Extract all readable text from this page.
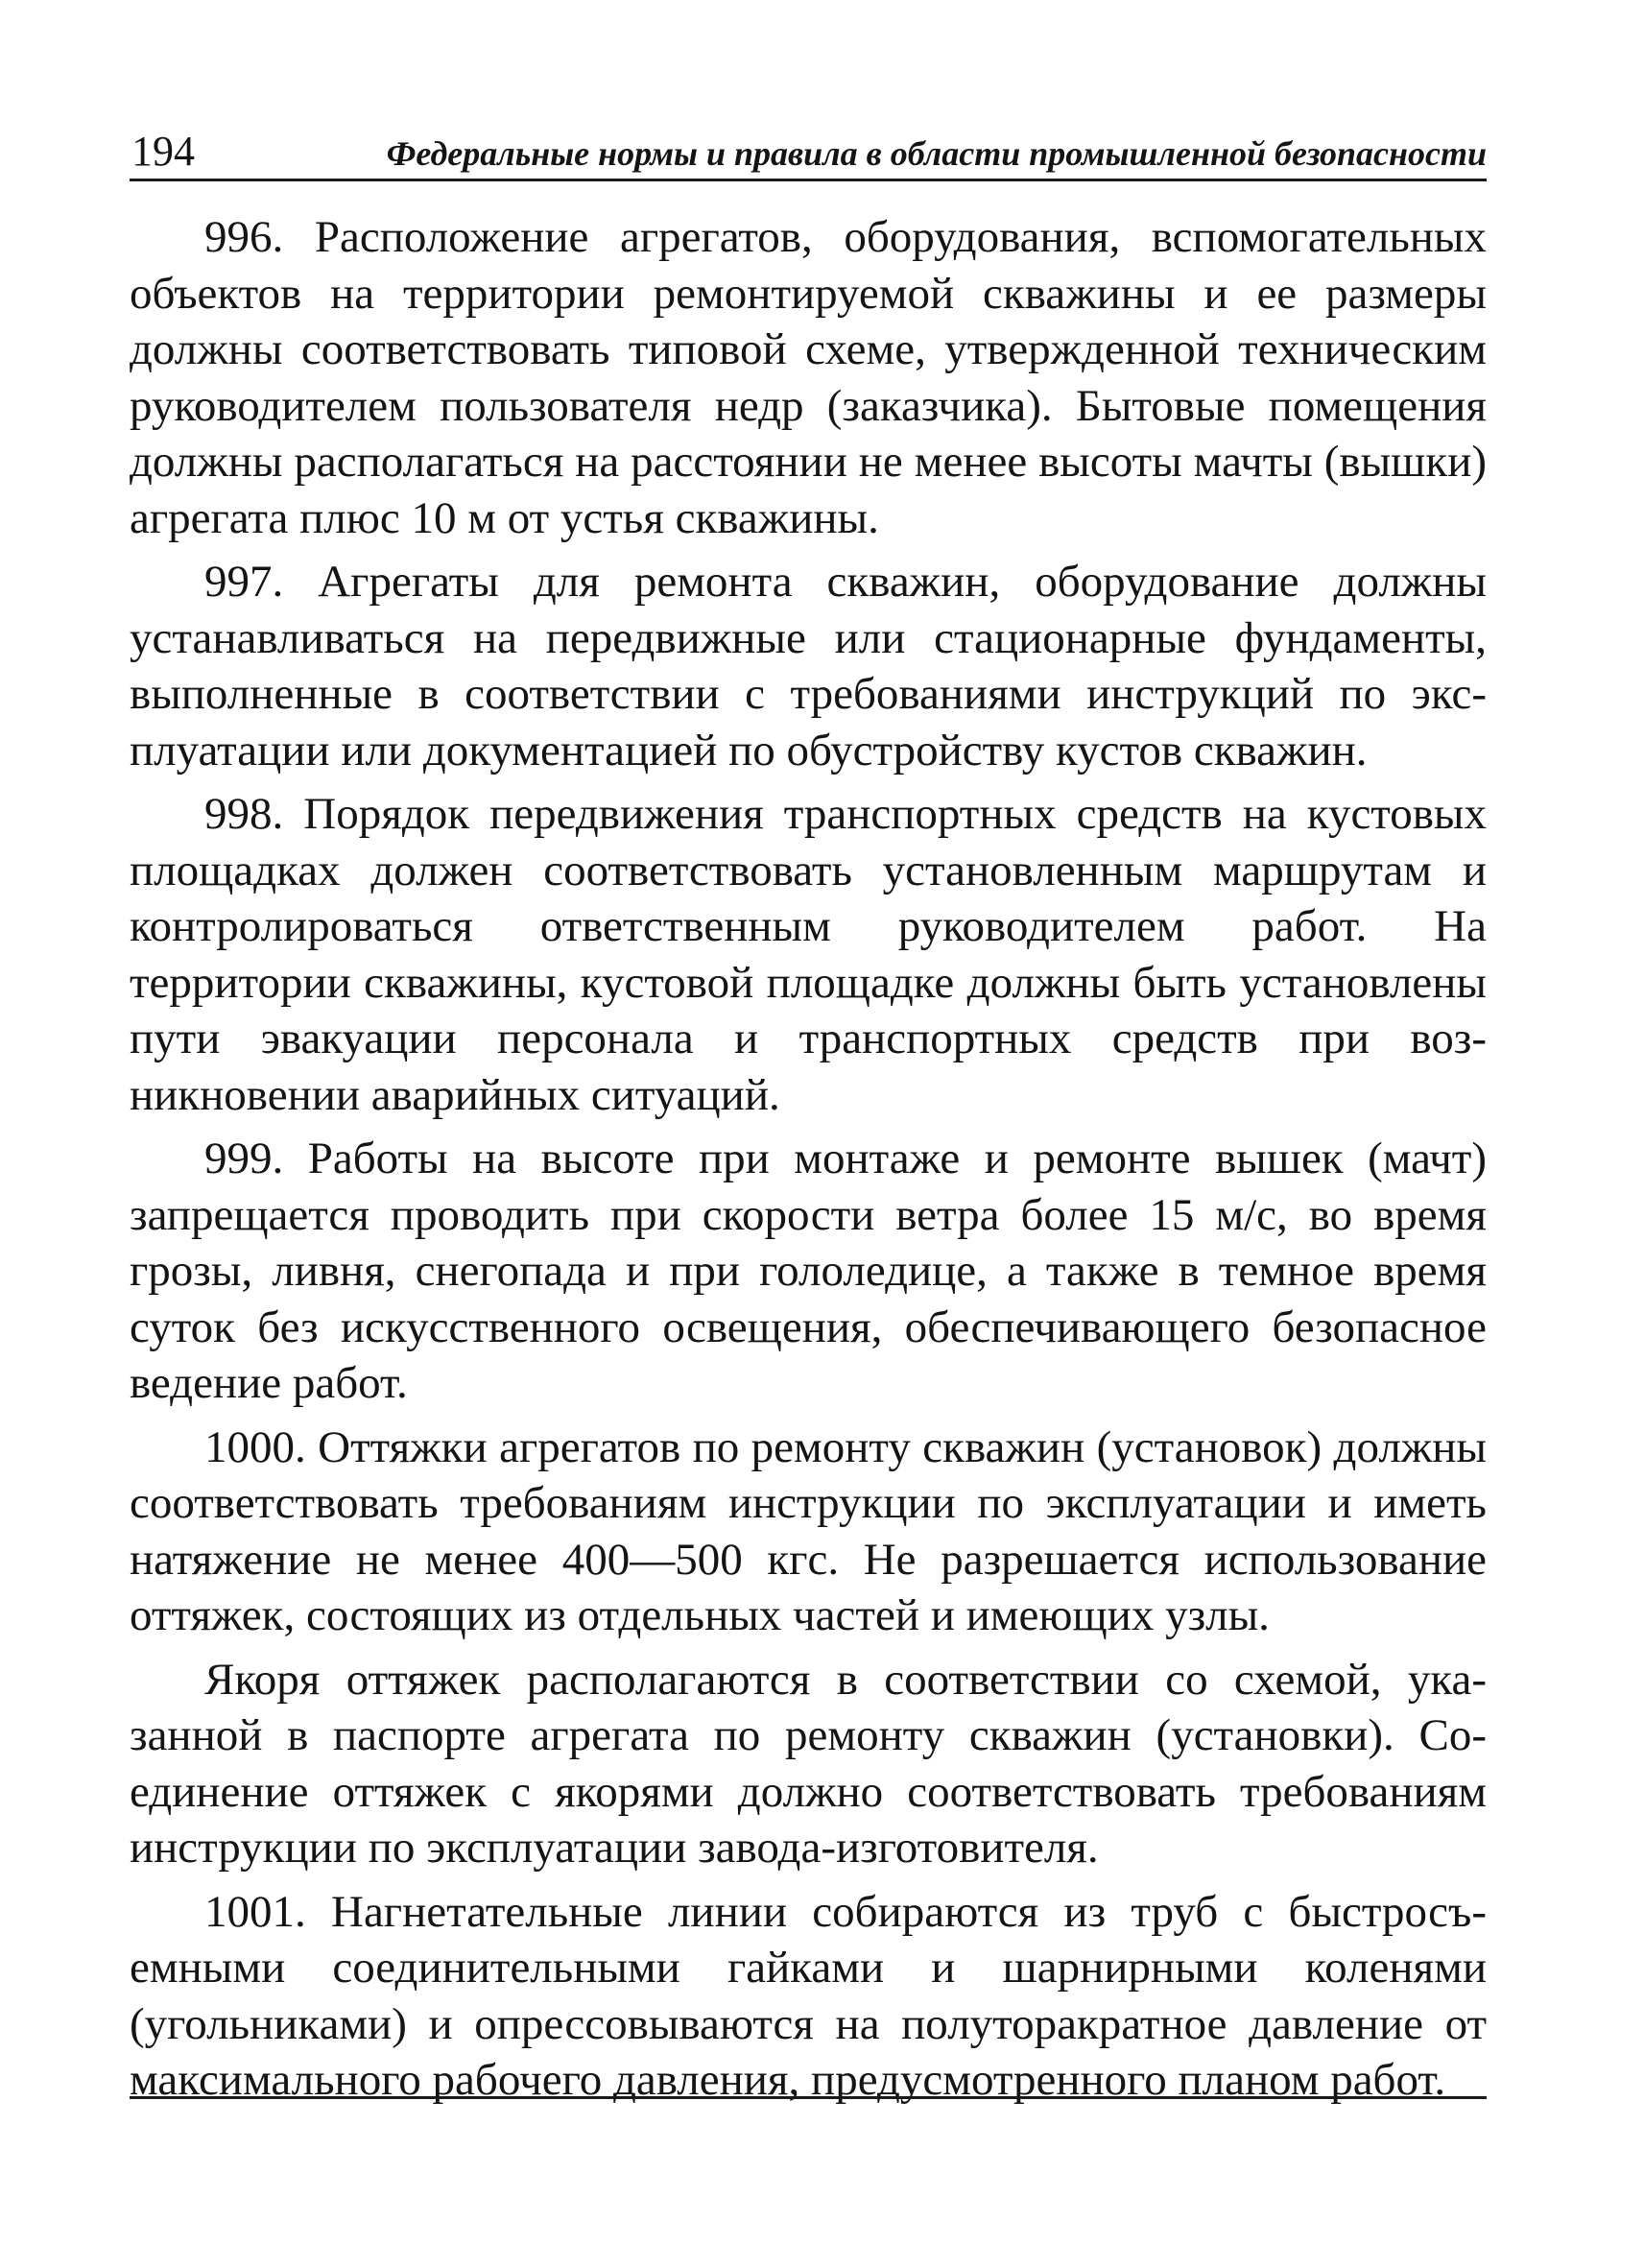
194	Федеральные нормы и правила в области промышленной безопасности

996. Расположение агрегатов, оборудования, вспомогательных объектов на территории ремонтируемой скважины и ее размеры должны соответствовать типовой схеме, утвержденной техническим руководителем пользователя недр (заказчика). Бытовые помещения должны располагаться на расстоянии не менее высоты мачты (вышки) агрегата плюс 10 м от устья скважины.

997. Агрегаты для ремонта скважин, оборудование должны устанавливаться на передвижные или стационарные фундаменты, выполненные в соответствии с требованиями инструкций по эксплуатации или документацией по обустройству кустов скважин.

998. Порядок передвижения транспортных средств на кустовых площадках должен соответствовать установленным маршрутам и контролироваться ответственным руководителем работ. На территории скважины, кустовой площадке должны быть установлены пути эвакуации персонала и транспортных средств при возникновении аварийных ситуаций.

999. Работы на высоте при монтаже и ремонте вышек (мачт) запрещается проводить при скорости ветра более 15 м/с, во время грозы, ливня, снегопада и при гололедице, а также в темное время суток без искусственного освещения, обеспечивающего безопасное ведение работ.

1000. Оттяжки агрегатов по ремонту скважин (установок) должны соответствовать требованиям инструкции по эксплуатации и иметь натяжение не менее 400—500 кгс. Не разрешается использование оттяжек, состоящих из отдельных частей и имеющих узлы.

Якоря оттяжек располагаются в соответствии со схемой, указанной в паспорте агрегата по ремонту скважин (установки). Соединение оттяжек с якорями должно соответствовать требованиям инструкции по эксплуатации завода-изготовителя.

1001. Нагнетательные линии собираются из труб с быстросъемными соединительными гайками и шарнирными коленями (угольниками) и опрессовываются на полуторакратное давление от максимального рабочего давления, предусмотренного планом работ.
